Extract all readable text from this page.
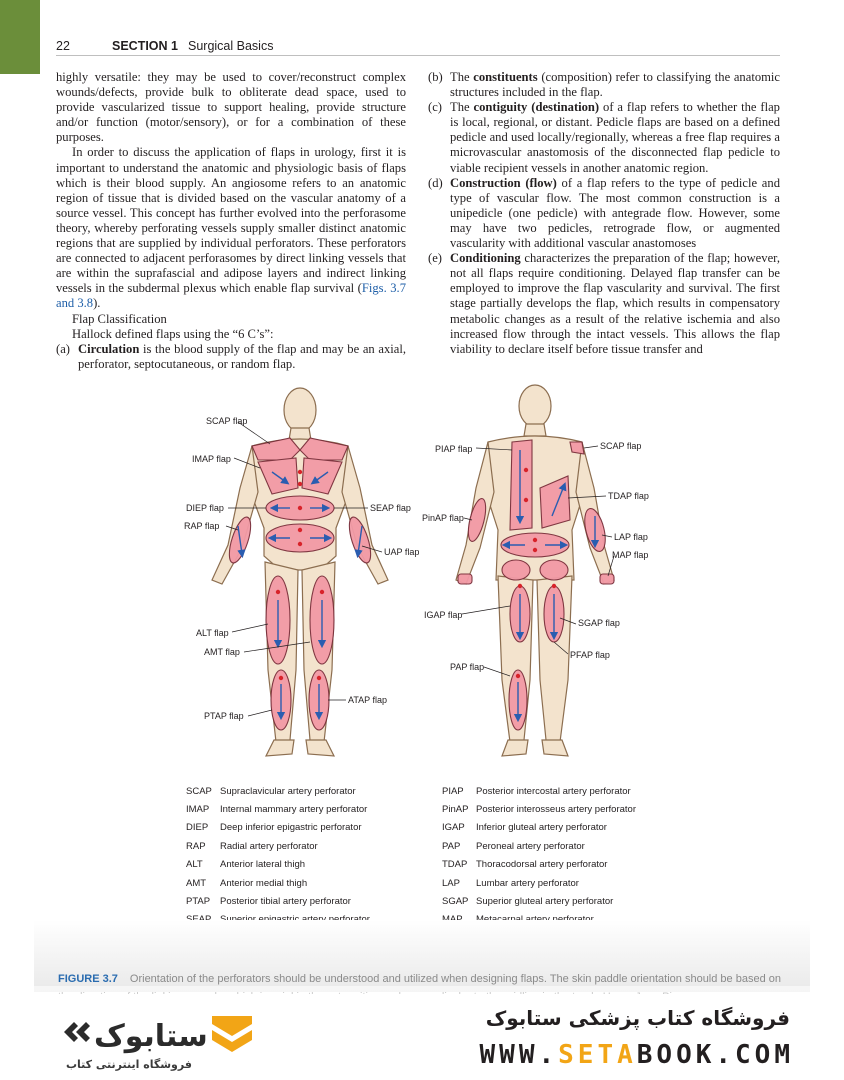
22	SECTION 1 Surgical Basics

highly versatile: they may be used to cover/reconstruct complex wounds/defects, provide bulk to obliterate dead space, used to provide vascularized tissue to support healing, provide structure and/or function (motor/sensory), or for a combination of these purposes.

In order to discuss the application of flaps in urology, first it is important to understand the anatomic and physiologic basis of flaps which is their blood supply. An angiosome refers to an anatomic region of tissue that is divided based on the vascular anatomy of a source vessel. This concept has further evolved into the perforasome theory, whereby perforating vessels supply smaller distinct anatomic regions that are supplied by individual perforators. These perforators are connected to adjacent perforasomes by direct linking vessels that are within the suprafascial and adipose layers and indirect linking vessels in the subdermal plexus which enable flap survival (Figs. 3.7 and 3.8).

Flap Classification

Hallock defined flaps using the “6 C’s”:

(a) Circulation is the blood supply of the flap and may be an axial, perforator, septocutaneous, or random flap.
(b) The constituents (composition) refer to classifying the anatomic structures included in the flap.
(c) The contiguity (destination) of a flap refers to whether the flap is local, regional, or distant. Pedicle flaps are based on a defined pedicle and used locally/regionally, whereas a free flap requires a microvascular anastomosis of the disconnected flap pedicle to viable recipient vessels in another anatomic region.
(d) Construction (flow) of a flap refers to the type of pedicle and type of vascular flow. The most common construction is a unipedicle (one pedicle) with antegrade flow. However, some may have two pedicles, retrograde flow, or augmented vascularity with additional vascular anastomoses
(e) Conditioning characterizes the preparation of the flap; however, not all flaps require conditioning. Delayed flap transfer can be employed to improve the flap vascularity and survival. The first stage partially develops the flap, which results in compensatory metabolic changes as a result of the relative ischemia and also increased flow through the intact vessels. This allows the flap viability to declare itself before tissue transfer and
SCAP flap
IMAP flap
DIEP flap
RAP flap
SEAP flap
UAP flap
ALT flap
AMT flap
ATAP flap
PTAP flap
PIAP flap	SCAP flap
TDAP flap
PinAP flap
LAP flap
MAP flap
IGAP flap
SGAP flap
PFAP flap
PAP flap
SCAP Supraclavicular artery perforator
IMAP	Internal mammary artery perforator
DIEP	Deep inferior epigastric perforator
RAP	Radial artery perforator
ALT	Anterior lateral thigh
AMT	Anterior medial thigh
PTAP	Posterior tibial artery perforator
PIAP	Posterior intercostal artery perforator
PinAP Posterior interosseus artery perforator
IGAP	Inferior gluteal artery perforator
PAP	Peroneal artery perforator
TDAP Thoracodorsal artery perforator
LAP	Lumbar artery perforator
SGAP Superior gluteal artery perforator
FIGURE 3.7 Orientation of the perforators should be understood and utilized when designing flaps. The skin paddle orientation should be based on
ستابوک
فروشگاه اینترنتی کتاب
فروشگاه کتاب پزشکی ستابوک
WWW.SETABOOK.COM
